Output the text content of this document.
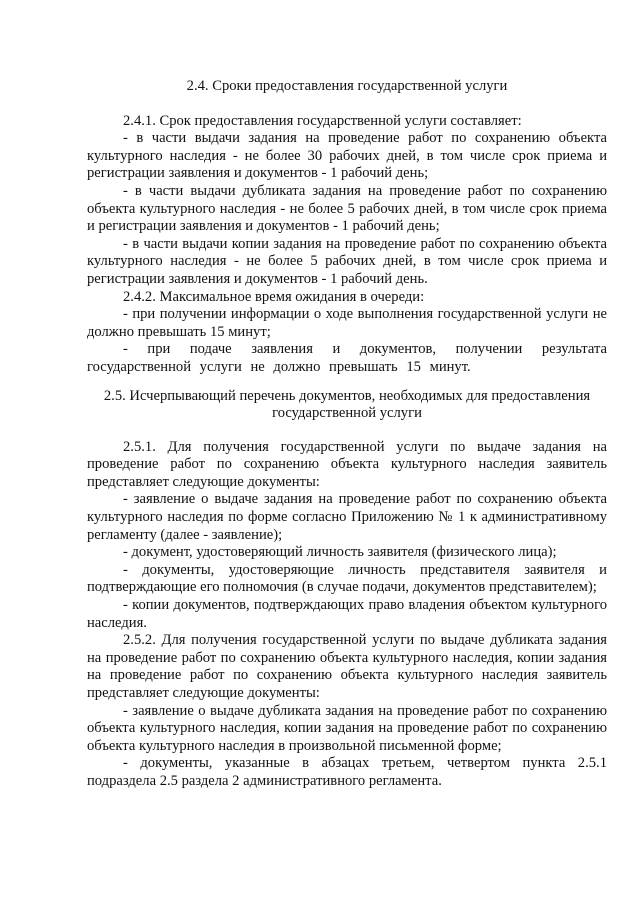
2.4. Сроки предоставления государственной услуги

2.4.1. Срок предоставления государственной услуги составляет:

- в части выдачи задания на проведение работ по сохранению объекта культурного наследия - не более 30 рабочих дней, в том числе срок приема и регистрации заявления и документов - 1 рабочий день;

- в части выдачи дубликата задания на проведение работ по сохранению объекта культурного наследия - не более 5 рабочих дней, в том числе срок приема и регистрации заявления и документов - 1 рабочий день;

- в части выдачи копии задания на проведение работ по сохранению объекта культурного наследия - не более 5 рабочих дней, в том числе срок приема и регистрации заявления и документов - 1 рабочий день.

2.4.2. Максимальное время ожидания в очереди:

- при получении информации о ходе выполнения государственной услуги не должно превышать 15 минут;

- при подаче заявления и документов, получении результата государственной услуги не должно превышать 15 минут.

2.5. Исчерпывающий перечень документов, необходимых для предоставления

государственной услуги

2.5.1. Для получения государственной услуги по выдаче задания на проведение работ по сохранению объекта культурного наследия заявитель представляет следующие документы:

- заявление о выдаче задания на проведение работ по сохранению объекта культурного наследия по форме согласно Приложению № 1 к административному регламенту (далее - заявление);

- документ, удостоверяющий личность заявителя (физического лица);

- документы, удостоверяющие личность представителя заявителя и подтверждающие его полномочия (в случае подачи, документов представителем);

- копии документов, подтверждающих право владения объектом культурного наследия.

2.5.2. Для получения государственной услуги по выдаче дубликата задания на проведение работ по сохранению объекта культурного наследия, копии задания на проведение работ по сохранению объекта культурного наследия заявитель представляет следующие документы:

- заявление о выдаче дубликата задания на проведение работ по сохранению объекта культурного наследия, копии задания на проведение работ по сохранению объекта культурного наследия в произвольной письменной форме;

- документы, указанные в абзацах третьем, четвертом пункта 2.5.1 подраздела 2.5 раздела 2 административного регламента.
